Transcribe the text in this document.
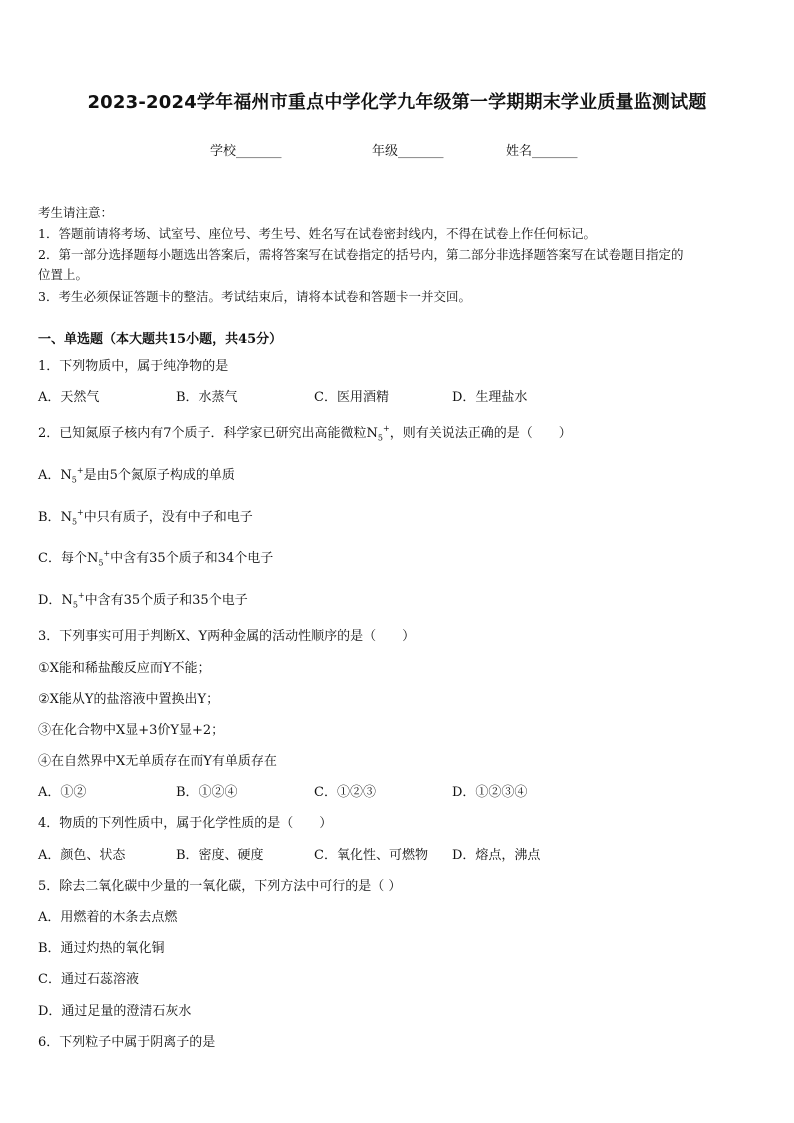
2023-2024学年福州市重点中学化学九年级第一学期期末学业质量监测试题
学校_______	年级_______	姓名_______
考生请注意：
1．答题前请将考场、试室号、座位号、考生号、姓名写在试卷密封线内，不得在试卷上作任何标记。
2．第一部分选择题每小题选出答案后，需将答案写在试卷指定的括号内，第二部分非选择题答案写在试卷题目指定的
位置上。
3．考生必须保证答题卡的整洁。考试结束后，请将本试卷和答题卡一并交回。
一、单选题（本大题共15小题，共45分）
1．下列物质中，属于纯净物的是
A．天然气	B．水蒸气	C．医用酒精	D．生理盐水
2．已知氮原子核内有7个质子．科学家已研究出高能微粒$N_5^+$，则有关说法正确的是（　　）
A．$N_5^+$是由5个氮原子构成的单质
B．$N_5^+$中只有质子，没有中子和电子
C．每个$N_5^+$中含有35个质子和34个电子
D．$N_5^+$中含有35个质子和35个电子
3．下列事实可用于判断X、Y两种金属的活动性顺序的是（　　）
①X能和稀盐酸反应而Y不能；
②X能从Y的盐溶液中置换出Y；
③在化合物中X显+3价Y显+2；
④在自然界中X无单质存在而Y有单质存在
A．①②	B．①②④	C．①②③	D．①②③④
4．物质的下列性质中，属于化学性质的是（　　）
A．颜色、状态	B．密度、硬度	C．氧化性、可燃物 D．熔点，沸点
5．除去二氧化碳中少量的一氧化碳，下列方法中可行的是（ ）
A．用燃着的木条去点燃
B．通过灼热的氧化铜
C．通过石蕊溶液
D．通过足量的澄清石灰水
6．下列粒子中属于阴离子的是
